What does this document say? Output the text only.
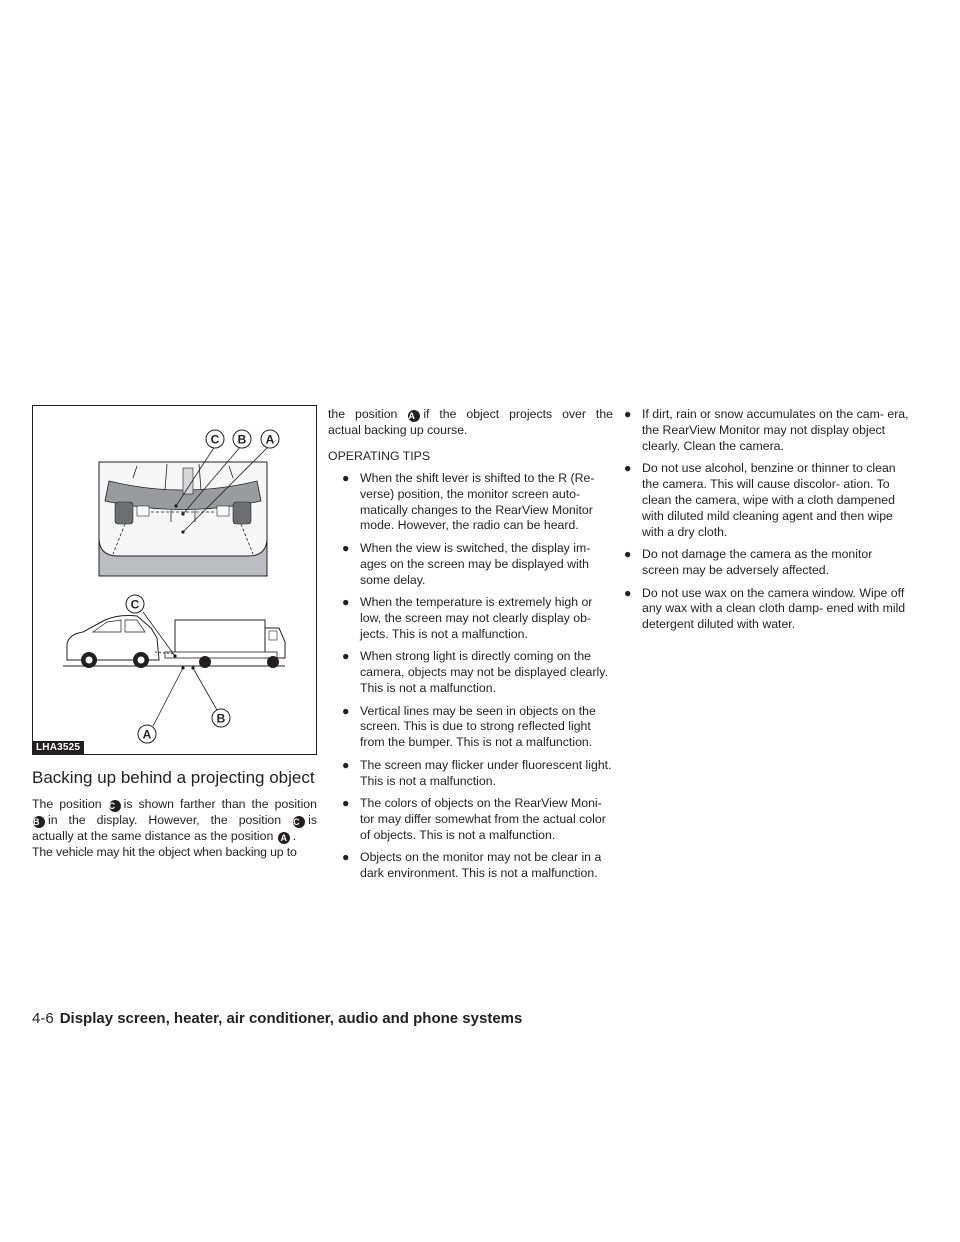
C B A
C
A
B
LHA3525
Backing up behind a projecting object
The position C is shown farther than the position
B in the display. However, the position C is
actually at the same distance as the position A .
The vehicle may hit the object when backing up to
the position A if the object projects over the
actual backing up course.

OPERATING TIPS

● When the shift lever is shifted to the R (Re- verse) position, the monitor screen auto- matically changes to the RearView Monitor mode. However, the radio can be heard.
● When the view is switched, the display im- ages on the screen may be displayed with some delay.
● When the temperature is extremely high or low, the screen may not clearly display ob- jects. This is not a malfunction.
● When strong light is directly coming on the camera, objects may not be displayed clearly. This is not a malfunction.
● Vertical lines may be seen in objects on the screen. This is due to strong reflected light from the bumper. This is not a malfunction.
● The screen may flicker under fluorescent light. This is not a malfunction.
● The colors of objects on the RearView Moni- tor may differ somewhat from the actual color of objects. This is not a malfunction.
● Objects on the monitor may not be clear in a dark environment. This is not a malfunction.
● If dirt, rain or snow accumulates on the cam- era, the RearView Monitor may not display object clearly. Clean the camera.
● Do not use alcohol, benzine or thinner to clean the camera. This will cause discolor- ation. To clean the camera, wipe with a cloth dampened with diluted mild cleaning agent and then wipe with a dry cloth.
● Do not damage the camera as the monitor screen may be adversely affected.
● Do not use wax on the camera window. Wipe off any wax with a clean cloth damp- ened with mild detergent diluted with water.
4-6 Display screen, heater, air conditioner, audio and phone systems
